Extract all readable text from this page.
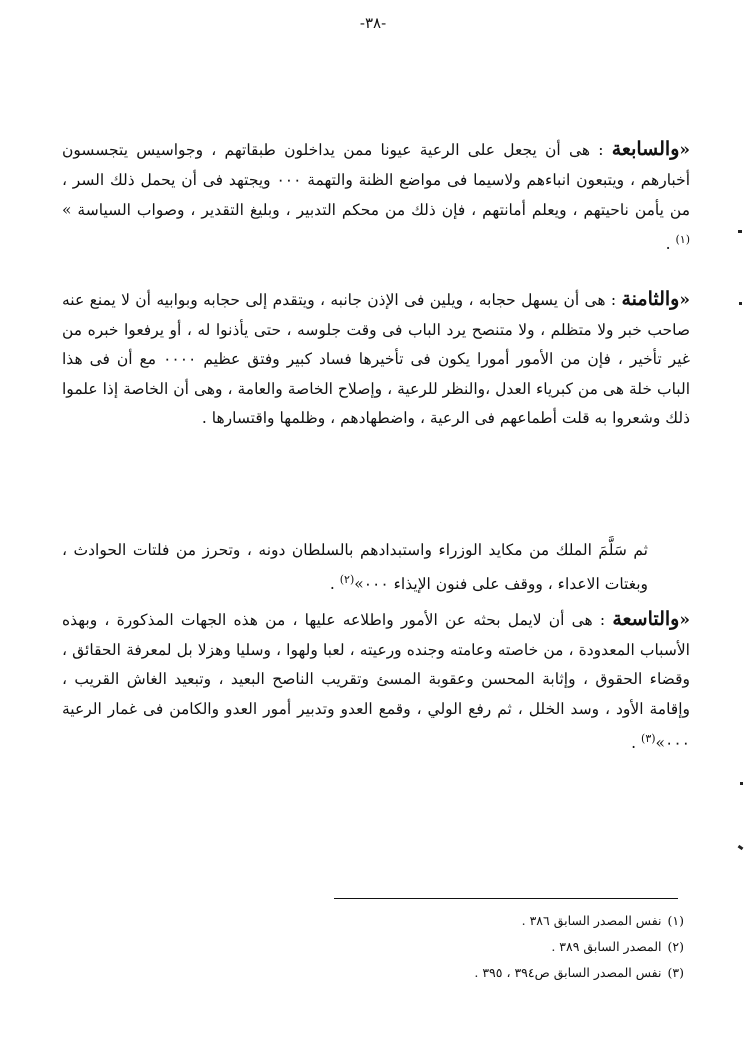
-٣٨-

«والسابعة : هى أن يجعل على الرعية عيونا ممن يداخلون طبقاتهم ، وجواسيس يتجسسون أخبارهم ، ويتبعون انباءهم ولاسيما فى مواضع الظنة والتهمة ٠٠٠ ويجتهد فى أن يحمل ذلك السر ، من يأمن ناحيتهم ، ويعلم أمانتهم ، فإن ذلك من محكم التدبير ، وبليغ التقدير ، وصواب السياسة » $^{(١)}$ .

«والثامنة : هى أن يسهل حجابه ، ويلين فى الإذن جانبه ، ويتقدم إلى حجابه وبوابيه أن لا يمنع عنه صاحب خبر ولا متظلم ، ولا متنصح يرد الباب فى وقت جلوسه ، حتى يأذنوا له ، أو يرفعوا خبره من غير تأخير ، فإن من الأمور أمورا يكون فى تأخيرها فساد كبير وفتق عظيم ٠٠٠٠ مع أن فى هذا الباب خلة هى من كبرياء العدل ،والنظر للرعية ، وإصلاح الخاصة والعامة ، وهى أن الخاصة إذا علموا ذلك وشعروا به قلت أطماعهم فى الرعية ، واضطهادهم ، وظلمها واقتسارها .

ثم سَلَّمَ الملك من مكايد الوزراء واستبدادهم بالسلطان دونه ، وتحرز من فلتات الحوادث ، وبغتات الاعداء ، ووقف على فنون الإيذاء ٠٠٠»$^{(٢)}$ .

«والتاسعة : هى أن لايمل بحثه عن الأمور واطلاعه عليها ، من هذه الجهات المذكورة ، وبهذه الأسباب المعدودة ، من خاصته وعامته وجنده ورعيته ، لعبا ولهوا ، وسليا وهزلا بل لمعرفة الحقائق ، وقضاء الحقوق ، وإثابة المحسن وعقوبة المسئ وتقريب الناصح البعيد ، وتبعيد الغاش القريب ، وإقامة الأود ، وسد الخلل ، ثم رفع الولي ، وقمع العدو وتدبير أمور العدو والكامن فى غمار الرعية ٠٠٠»$^{(٣)}$ .

(١)نفس المصدر السابق ٣٨٦ .
(٢)المصدر السابق ٣٨٩ .
(٣)نفس المصدر السابق ص٣٩٤ ، ٣٩٥ .
